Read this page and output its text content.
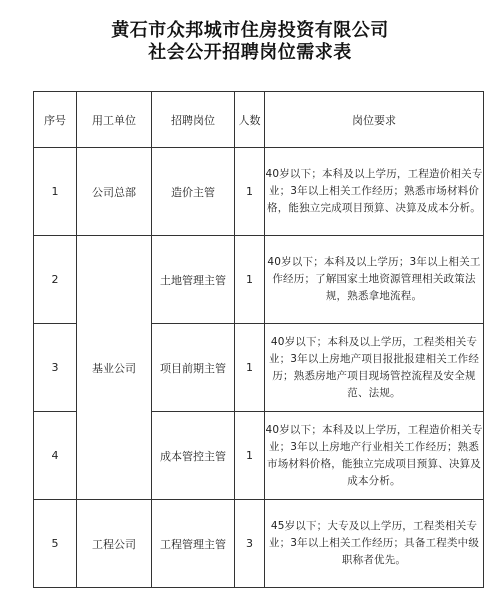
黄石市众邦城市住房投资有限公司
社会公开招聘岗位需求表
序号	用工单位	招聘岗位	人数	岗位要求
1	公司总部	造价主管	1	40岁以下；本科及以上学历，工程造价相关专业；3年以上相关工作经历；熟悉市场材料价格，能独立完成项目预算、决算及成本分析。
2	基业公司	土地管理主管	1	40岁以下；本科及以上学历；3年以上相关工作经历；了解国家土地资源管理相关政策法规，熟悉拿地流程。
3		项目前期主管	1	40岁以下；本科及以上学历，工程类相关专业；3年以上房地产项目报批报建相关工作经历；熟悉房地产项目现场管控流程及安全规范、法规。
4		成本管控主管	1	40岁以下；本科及以上学历，工程造价相关专业；3年以上房地产行业相关工作经历；熟悉市场材料价格，能独立完成项目预算、决算及成本分析。
5	工程公司	工程管理主管	3	45岁以下；大专及以上学历，工程类相关专业；3年以上相关工作经历；具备工程类中级职称者优先。
